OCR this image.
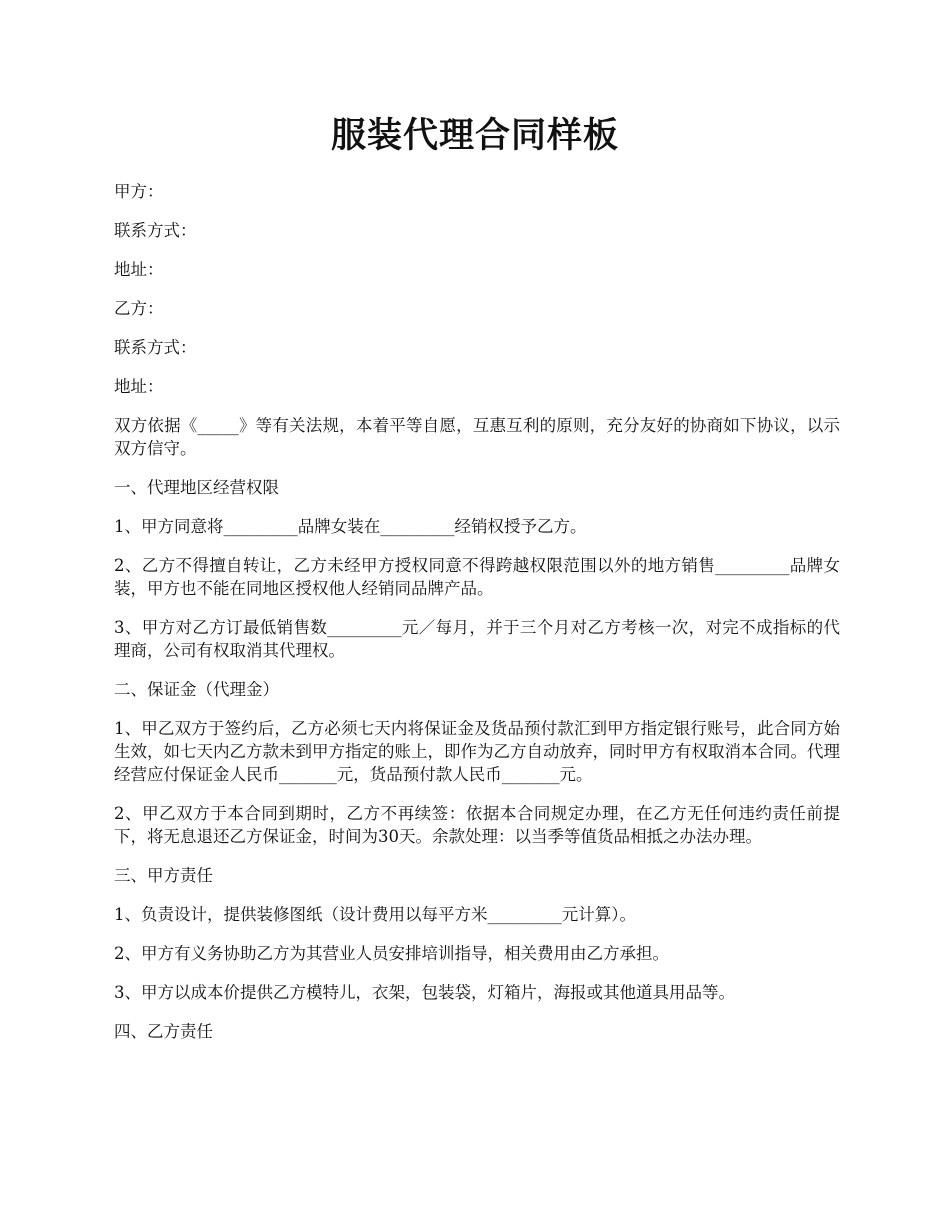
服装代理合同样板

甲方：

联系方式：

地址：

乙方：

联系方式：

地址：

双方依据《_____》等有关法规，本着平等自愿，互惠互利的原则，充分友好的协商如下协议，以示双方信守。

一、代理地区经营权限

1、甲方同意将_________品牌女装在_________经销权授予乙方。

2、乙方不得擅自转让，乙方未经甲方授权同意不得跨越权限范围以外的地方销售_________品牌女装，甲方也不能在同地区授权他人经销同品牌产品。

3、甲方对乙方订最低销售数_________元／每月，并于三个月对乙方考核一次，对完不成指标的代理商，公司有权取消其代理权。

二、保证金（代理金）

1、甲乙双方于签约后，乙方必须七天内将保证金及货品预付款汇到甲方指定银行账号，此合同方始生效，如七天内乙方款未到甲方指定的账上，即作为乙方自动放弃，同时甲方有权取消本合同。代理经营应付保证金人民币_______元，货品预付款人民币_______元。

2、甲乙双方于本合同到期时，乙方不再续签：依据本合同规定办理，在乙方无任何违约责任前提下，将无息退还乙方保证金，时间为30天。余款处理：以当季等值货品相抵之办法办理。

三、甲方责任

1、负责设计，提供装修图纸（设计费用以每平方米_________元计算）。

2、甲方有义务协助乙方为其营业人员安排培训指导，相关费用由乙方承担。

3、甲方以成本价提供乙方模特儿，衣架，包装袋，灯箱片，海报或其他道具用品等。

四、乙方责任
